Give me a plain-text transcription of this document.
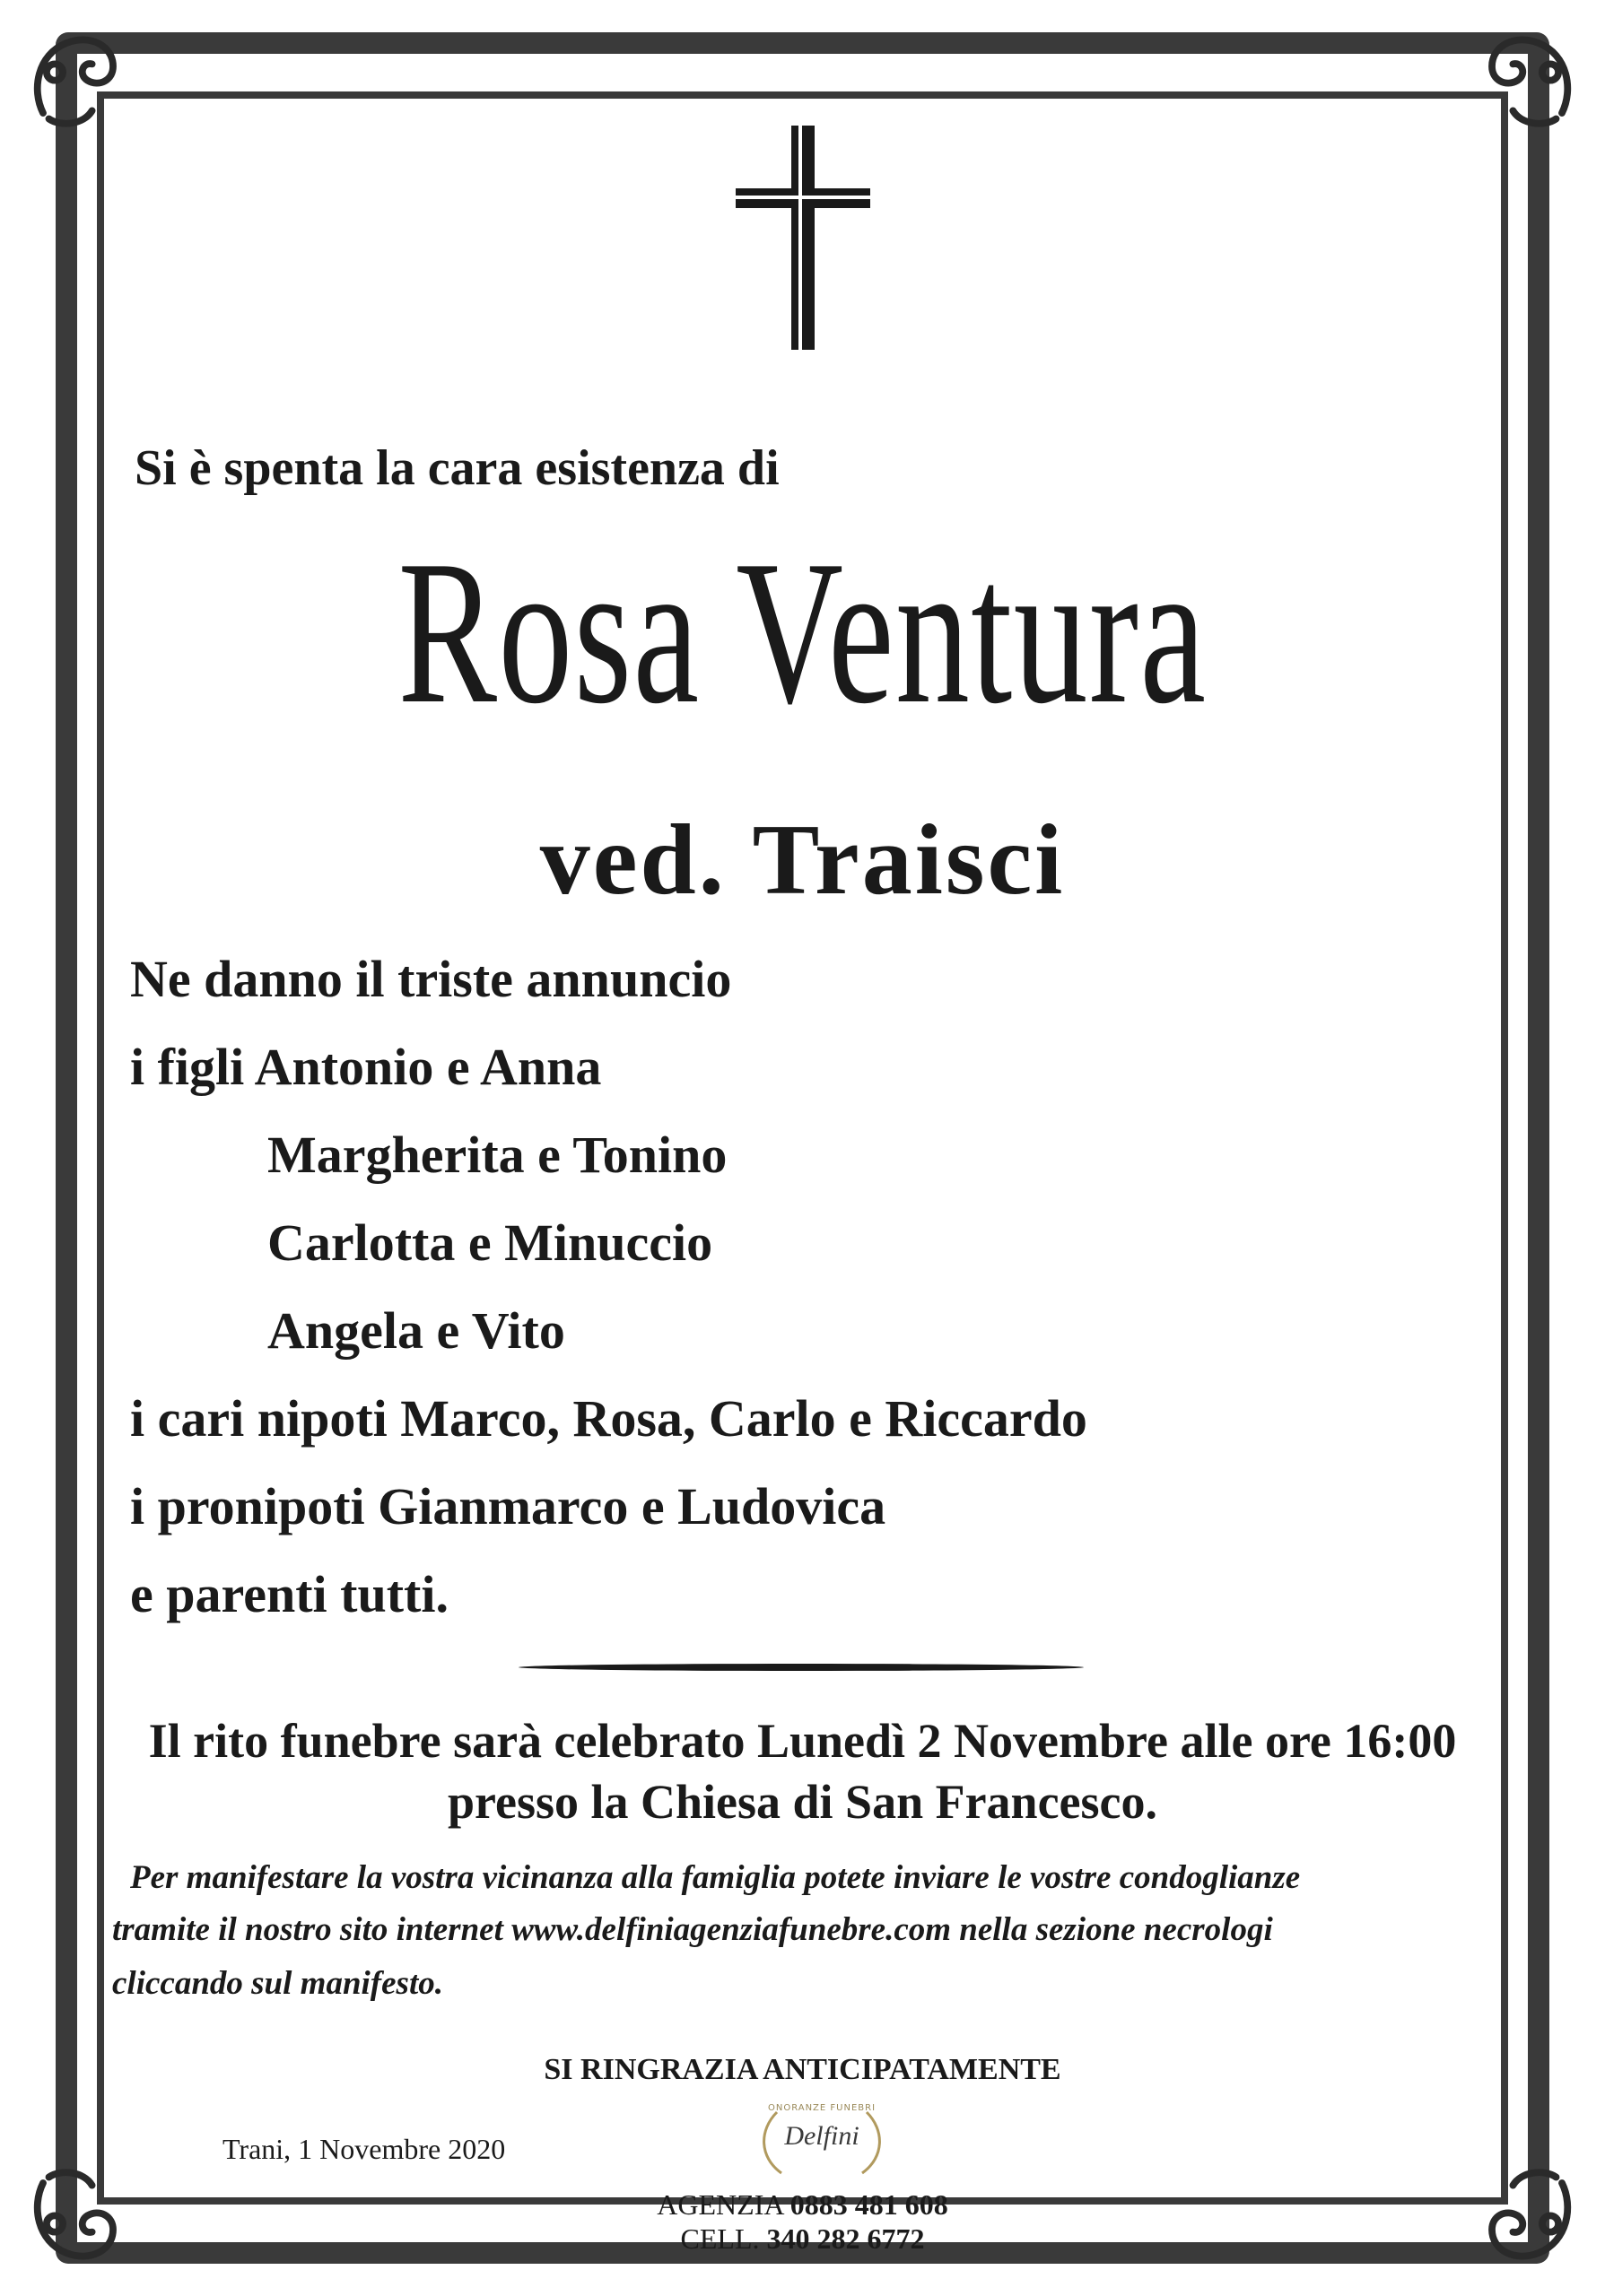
Si è spenta la cara esistenza di
Rosa Ventura
ved. Traisci
Ne danno il triste annuncio
i figli Antonio e Anna
Margherita e Tonino
Carlotta e Minuccio
Angela e Vito
i cari nipoti Marco, Rosa, Carlo e Riccardo
i pronipoti Gianmarco e Ludovica
e parenti tutti.
Il rito funebre sarà celebrato Lunedì 2 Novembre alle ore 16:00
presso la Chiesa di San Francesco.
Per manifestare la vostra vicinanza alla famiglia potete inviare le vostre condoglianze
tramite il nostro sito internet www.delfiniagenziafunebre.com nella sezione necrologi
cliccando sul manifesto.
SI RINGRAZIA ANTICIPATAMENTE
Trani, 1 Novembre 2020
ONORANZE FUNEBRI
Delfini
AGENZIA 0883 481 608
CELL. 340 282 6772
